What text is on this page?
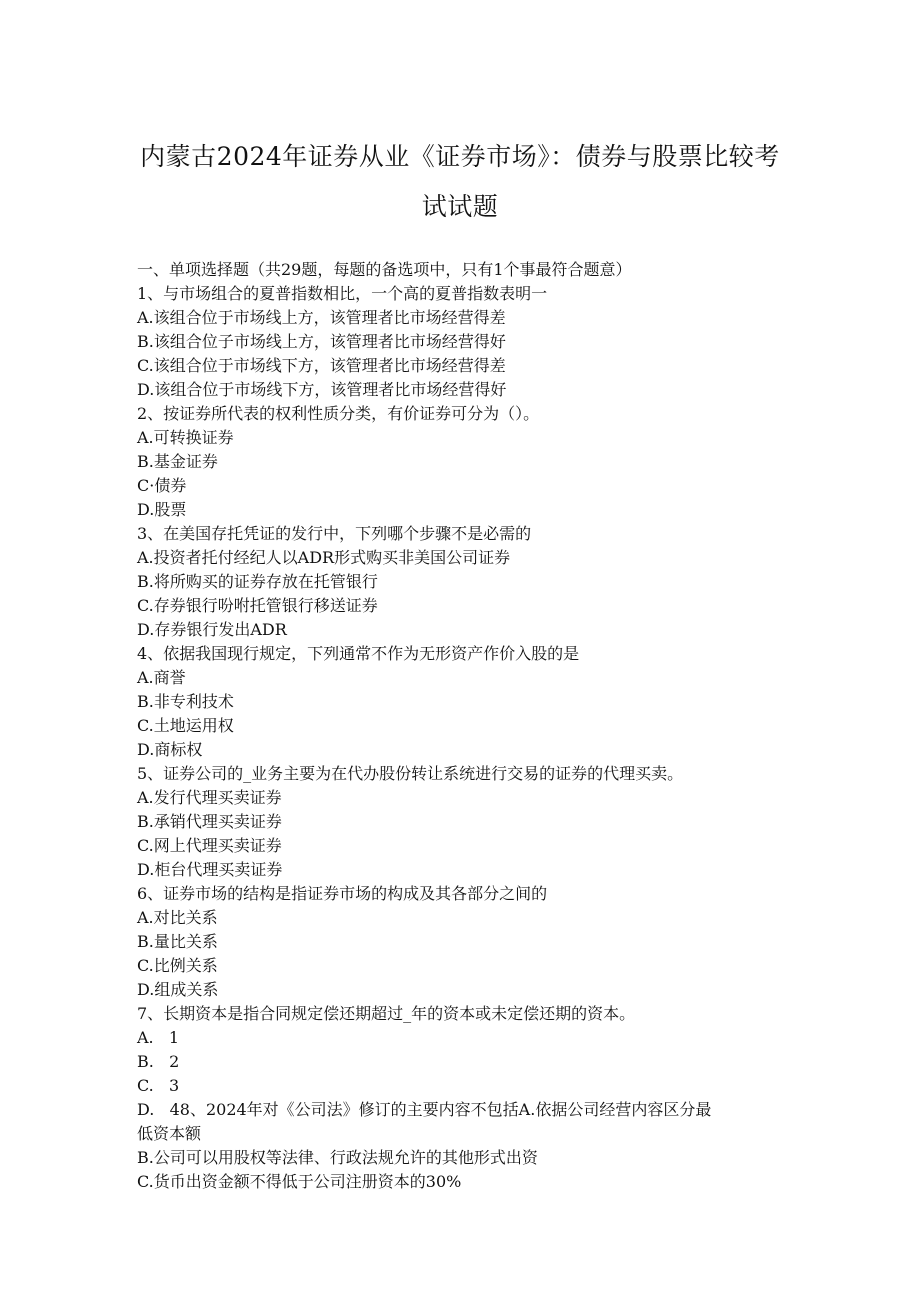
内蒙古2024年证券从业《证券市场》：债券与股票比较考
试试题
一、单项选择题（共29题，每题的备选项中，只有1个事最符合题意）
1、与市场组合的夏普指数相比，一个高的夏普指数表明一
A.该组合位于市场线上方，该管理者比市场经营得差
B.该组合位子市场线上方，该管理者比市场经营得好
C.该组合位于市场线下方，该管理者比市场经营得差
D.该组合位于市场线下方，该管理者比市场经营得好
2、按证券所代表的权利性质分类，有价证券可分为（）。
A.可转换证券
B.基金证券
C·债券
D.股票
3、在美国存托凭证的发行中，下列哪个步骤不是必需的
A.投资者托付经纪人以ADR形式购买非美国公司证券
B.将所购买的证券存放在托管银行
C.存券银行吩咐托管银行移送证券
D.存券银行发出ADR
4、依据我国现行规定，下列通常不作为无形资产作价入股的是
A.商誉
B.非专利技术
C.土地运用权
D.商标权
5、证券公司的_业务主要为在代办股份转让系统进行交易的证券的代理买卖。
A.发行代理买卖证券
B.承销代理买卖证券
C.网上代理买卖证券
D.柜台代理买卖证券
6、证券市场的结构是指证券市场的构成及其各部分之间的
A.对比关系
B.量比关系
C.比例关系
D.组成关系
7、长期资本是指合同规定偿还期超过_年的资本或未定偿还期的资本。
A.   1
B.   2
C.   3
D.   48、2024年对《公司法》修订的主要内容不包括A.依据公司经营内容区分最
低资本额
B.公司可以用股权等法律、行政法规允许的其他形式出资
C.货币出资金额不得低于公司注册资本的30%
